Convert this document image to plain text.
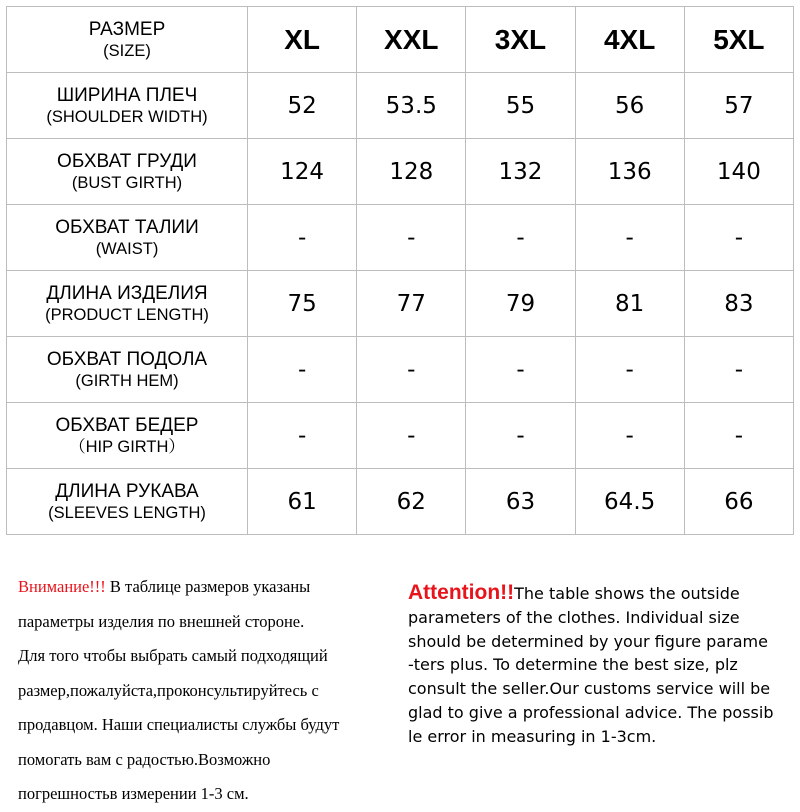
РАЗМЕР
(SIZE)	XL	XXL	3XL	4XL	5XL

ШИРИНА ПЛЕЧ
(SHOULDER WIDTH)	52	53.5	55	56	57

ОБХВАТ ГРУДИ
(BUST GIRTH)	124	128	132	136	140

ОБХВАТ ТАЛИИ
(WAIST)	-	-	-	-	-

ДЛИНА ИЗДЕЛИЯ
(PRODUCT LENGTH)	75	77	79	81	83

ОБХВАТ ПОДОЛА
(GIRTH HEM)	-	-	-	-	-

ОБХВАТ БЕДЕР
（HIP GIRTH）	-	-	-	-	-

ДЛИНА РУКАВА
(SLEEVES LENGTH)	61	62	63	64.5	66
Внимание!!! В таблице размеров указаны
параметры изделия по внешней стороне.
Для того чтобы выбрать самый подходящий
размер,пожалуйста,проконсультируйтесь с
продавцом. Наши специалисты службы будут
помогать вам с радостью.Возможно
погрешностьв измерении 1-3 см.
Attention!!The table shows the outside
parameters of the clothes. Individual size
should be determined by your figure parame
-ters plus. To determine the best size, plz
consult the seller.Our customs service will be
glad to give a professional advice. The possib
le error in measuring in 1-3cm.
